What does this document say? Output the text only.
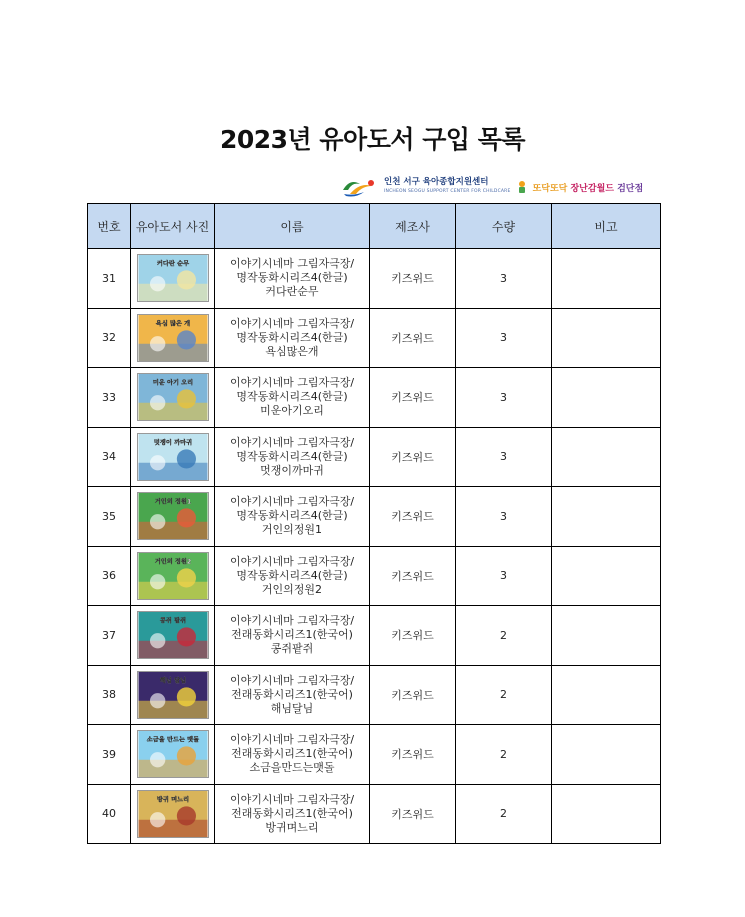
2023년 유아도서 구입 목록
인천 서구 육아종합지원센터
INCHEON SEOGU SUPPORT CENTER FOR CHILDCARE 또닥또닥 장난감월드 검단점
번호	유아도서 사진	이름	제조사	수량	비고
31	커다란 순무	이야기시네마 그림자극장/
명작동화시리즈4(한글)
커다란순무	키즈위드	3	
32	욕심 많은 개	이야기시네마 그림자극장/
명작동화시리즈4(한글)
욕심많은개	키즈위드	3	
33	미운 아기 오리	이야기시네마 그림자극장/
명작동화시리즈4(한글)
미운아기오리	키즈위드	3	
34	멋쟁이 까마귀	이야기시네마 그림자극장/
명작동화시리즈4(한글)
멋쟁이까마귀	키즈위드	3	
35	거인의 정원1	이야기시네마 그림자극장/
명작동화시리즈4(한글)
거인의정원1	키즈위드	3	
36	거인의 정원2	이야기시네마 그림자극장/
명작동화시리즈4(한글)
거인의정원2	키즈위드	3	
37	콩쥐 팥쥐	이야기시네마 그림자극장/
전래동화시리즈1(한국어)
콩쥐팥쥐	키즈위드	2	
38	해님 달님	이야기시네마 그림자극장/
전래동화시리즈1(한국어)
해님달님	키즈위드	2	
39	소금을 만드는 맷돌	이야기시네마 그림자극장/
전래동화시리즈1(한국어)
소금을만드는맷돌	키즈위드	2	
40	방귀 며느리	이야기시네마 그림자극장/
전래동화시리즈1(한국어)
방귀며느리	키즈위드	2	
